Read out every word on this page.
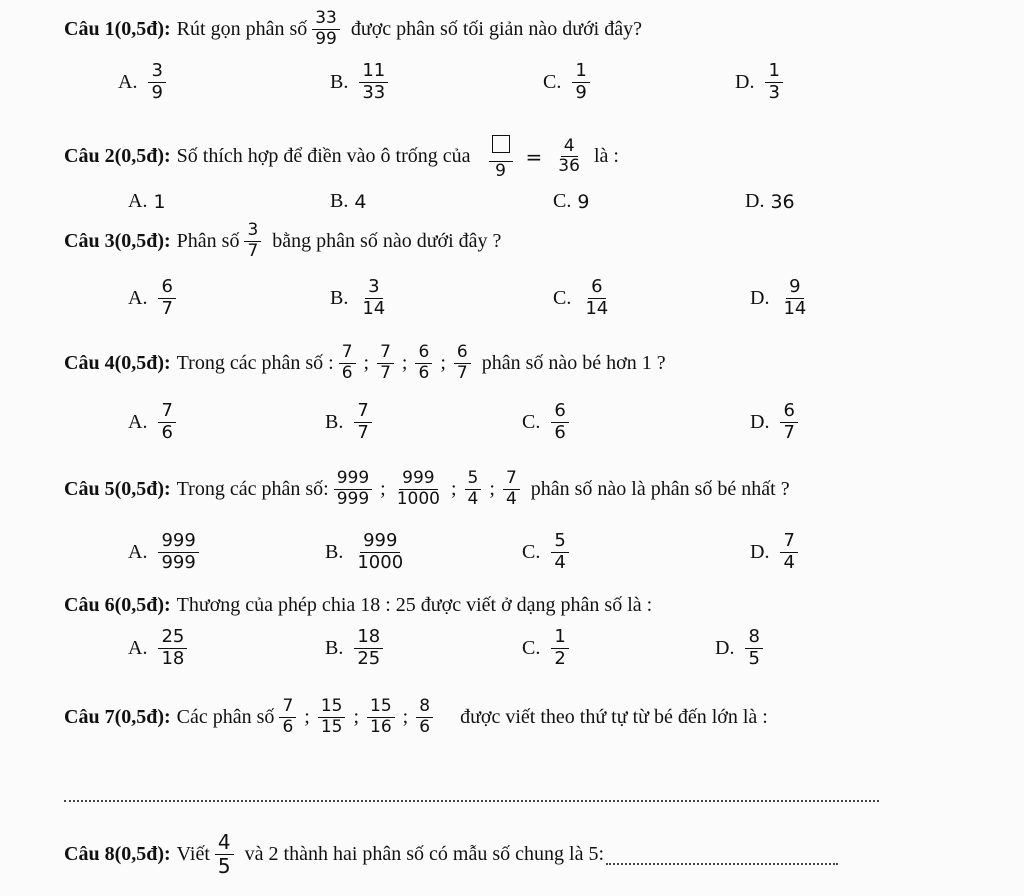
Câu 1(0,5đ): Rút gọn phân số $\frac{33}{99}$ được phân số tối giản nào dưới đây?
A. $\frac{3}{9}$	B. $\frac{11}{33}$	C. $\frac{1}{9}$	D. $\frac{1}{3}$
Câu 2(0,5đ): Số thích hợp để điền vào ô trống của
9
= $\frac{4}{36}$ là :
A. 1	B. 4	C. 9	D. 36
Câu 3(0,5đ): Phân số $\frac{3}{7}$ bằng phân số nào dưới đây ?
A. $\frac{6}{7}$	B. $\frac{3}{14}$	C. $\frac{6}{14}$	D. $\frac{9}{14}$
Câu 4(0,5đ): Trong các phân số : $\frac{7}{6}$ ; $\frac{7}{7}$ ; $\frac{6}{6}$ ; $\frac{6}{7}$ phân số nào bé hơn 1 ?
A. $\frac{7}{6}$	B. $\frac{7}{7}$	C. $\frac{6}{6}$	D. $\frac{6}{7}$
Câu 5(0,5đ): Trong các phân số: $\frac{999}{999}$ ; $\frac{999}{1000}$ ; $\frac{5}{4}$ ; $\frac{7}{4}$ phân số nào là phân số bé nhất ?
A. $\frac{999}{999}$	B. $\frac{999}{1000}$	C. $\frac{5}{4}$	D. $\frac{7}{4}$
Câu 6(0,5đ): Thương của phép chia 18 : 25 được viết ở dạng phân số là :
A. $\frac{25}{18}$	B. $\frac{18}{25}$	C. $\frac{1}{2}$	D. $\frac{8}{5}$
Câu 7(0,5đ): Các phân số $\frac{7}{6}$ ; $\frac{15}{15}$ ; $\frac{15}{16}$ ; $\frac{8}{6}$ được viết theo thứ tự từ bé đến lớn là :
Câu 8(0,5đ): Viết $\frac{4}{5}$ và 2 thành hai phân số có mẫu số chung là 5:
